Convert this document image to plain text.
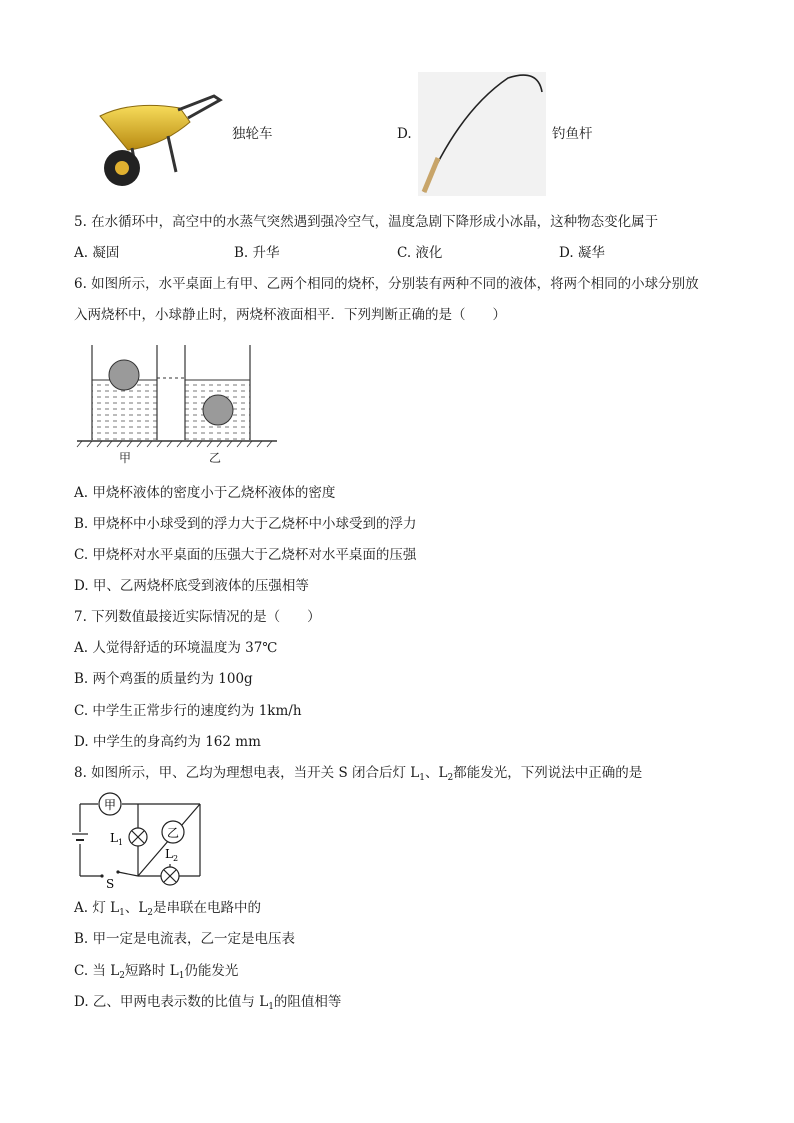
独轮车	D.	钓鱼杆
5. 在水循环中，高空中的水蒸气突然遇到强冷空气，温度急剧下降形成小冰晶，这种物态变化属于
A. 凝固	B. 升华	C. 液化	D. 凝华
6. 如图所示，水平桌面上有甲、乙两个相同的烧杯，分别装有两种不同的液体，将两个相同的小球分别放
入两烧杯中，小球静止时，两烧杯液面相平．下列判断正确的是（　　）
甲	乙
A. 甲烧杯液体的密度小于乙烧杯液体的密度
B. 甲烧杯中小球受到的浮力大于乙烧杯中小球受到的浮力
C. 甲烧杯对水平桌面的压强大于乙烧杯对水平桌面的压强
D. 甲、乙两烧杯底受到液体的压强相等
7. 下列数值最接近实际情况的是（　　）
A. 人觉得舒适的环境温度为 37℃
B. 两个鸡蛋的质量约为 100g
C. 中学生正常步行的速度约为 1km/h
D. 中学生的身高约为 162 mm
8. 如图所示，甲、乙均为理想电表，当开关 S 闭合后灯 $L_1$、$L_2$都能发光，下列说法中正确的是
甲
乙
L 1
L 2
S
A. 灯 $L_1$、$L_2$是串联在电路中的
B. 甲一定是电流表，乙一定是电压表
C. 当 $L_2$短路时 $L_1$仍能发光
D. 乙、甲两电表示数的比值与 $L_1$的阻值相等
